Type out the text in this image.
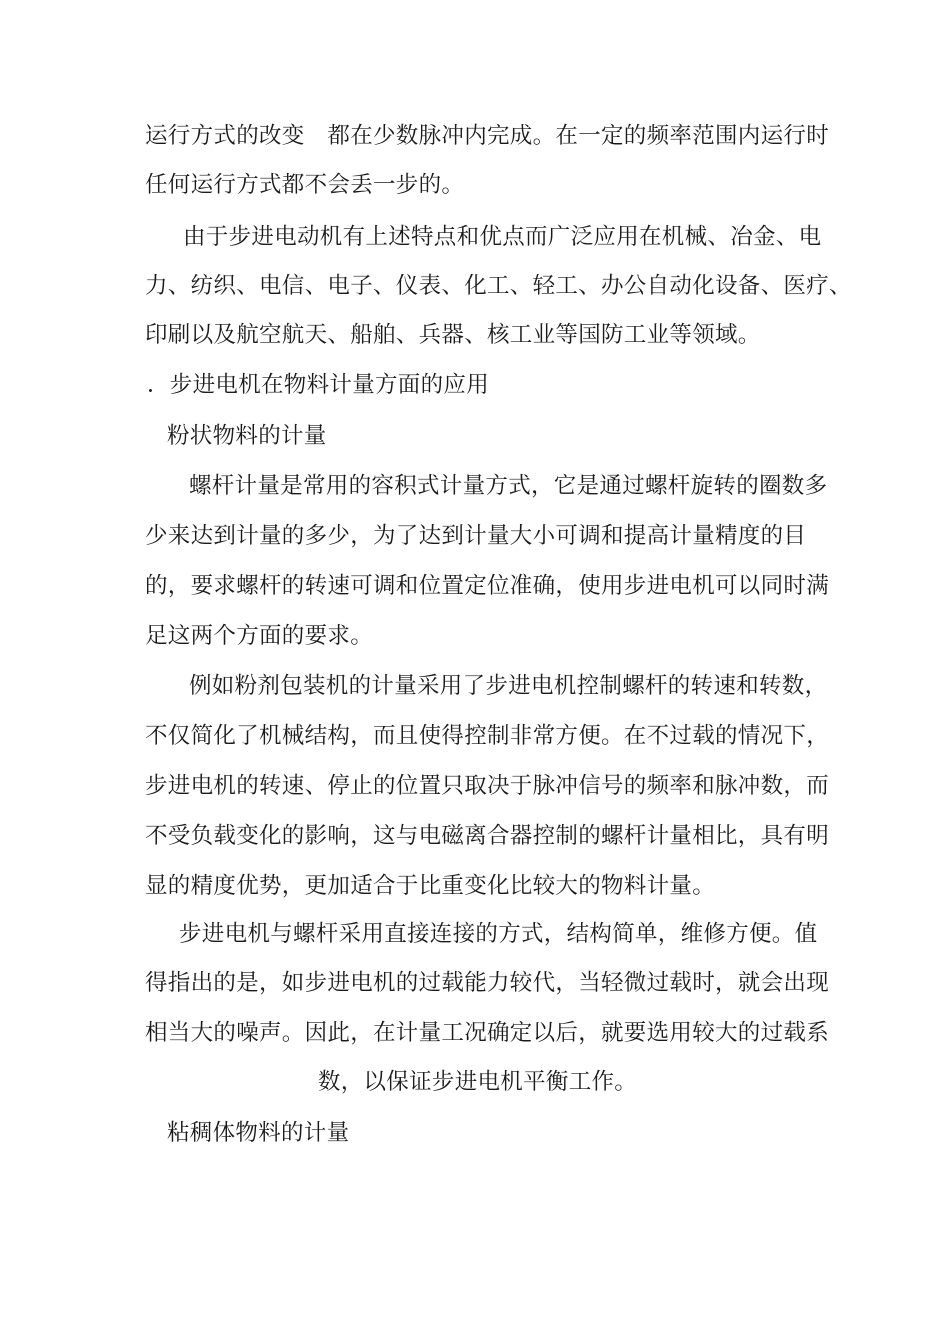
运行方式的改变　都在少数脉冲内完成。在一定的频率范围内运行时
任何运行方式都不会丢一步的。
由于步进电动机有上述特点和优点而广泛应用在机械、冶金、电
力、纺织、电信、电子、仪表、化工、轻工、办公自动化设备、医疗、
印刷以及航空航天、船舶、兵器、核工业等国防工业等领域。
．步进电机在物料计量方面的应用
粉状物料的计量
螺杆计量是常用的容积式计量方式，它是通过螺杆旋转的圈数多
少来达到计量的多少，为了达到计量大小可调和提高计量精度的目
的，要求螺杆的转速可调和位置定位准确，使用步进电机可以同时满
足这两个方面的要求。
例如粉剂包装机的计量采用了步进电机控制螺杆的转速和转数，
不仅简化了机械结构，而且使得控制非常方便。在不过载的情况下，
步进电机的转速、停止的位置只取决于脉冲信号的频率和脉冲数，而
不受负载变化的影响，这与电磁离合器控制的螺杆计量相比，具有明
显的精度优势，更加适合于比重变化比较大的物料计量。
步进电机与螺杆采用直接连接的方式，结构简单，维修方便。值
得指出的是，如步进电机的过载能力较代，当轻微过载时，就会出现
相当大的噪声。因此，在计量工况确定以后，就要选用较大的过载系
数，以保证步进电机平衡工作。
粘稠体物料的计量
